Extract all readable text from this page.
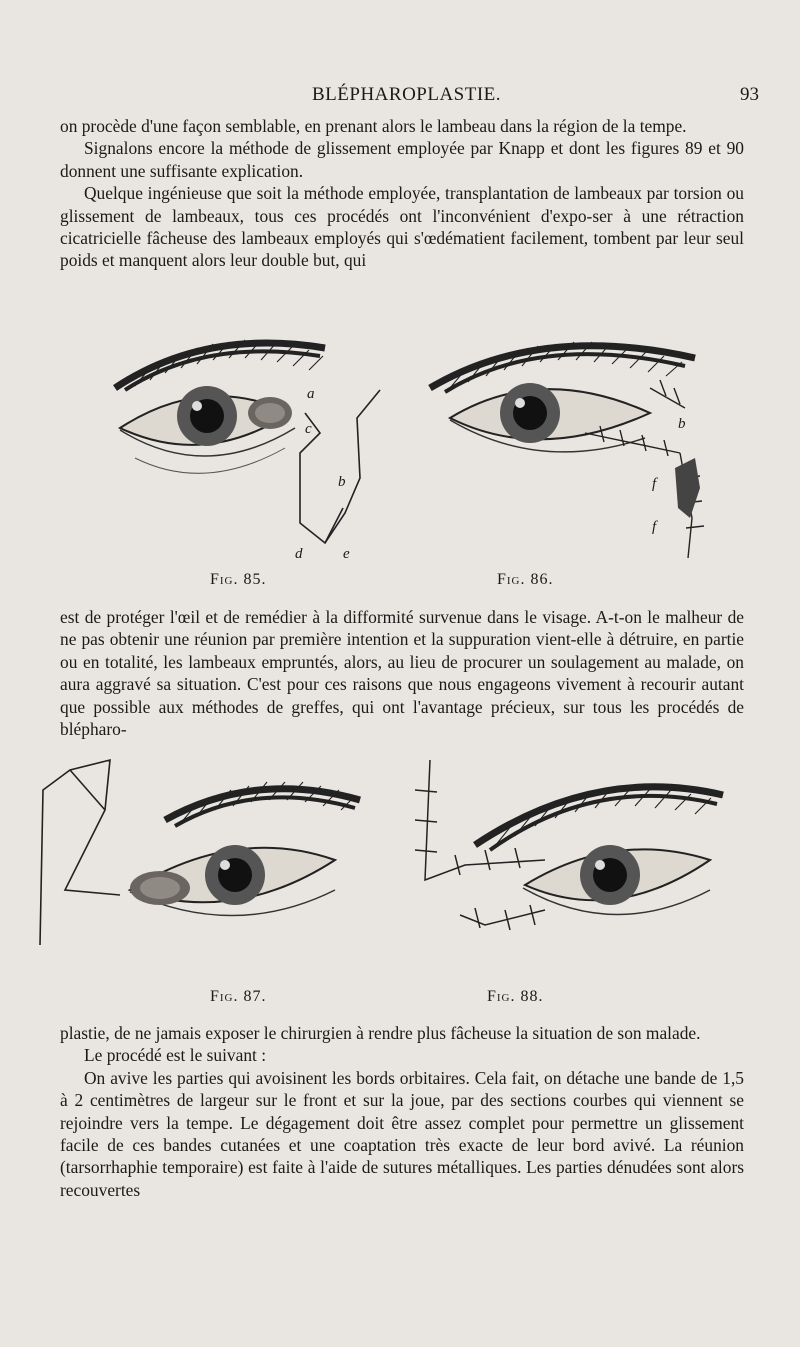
BLÉPHAROPLASTIE.	93

on procède d'une façon semblable, en prenant alors le lambeau dans la région de la tempe.

Signalons encore la méthode de glissement employée par Knapp et dont les figures 89 et 90 donnent une suffisante explication.

Quelque ingénieuse que soit la méthode employée, transplantation de lambeaux par torsion ou glissement de lambeaux, tous ces procédés ont l'inconvénient d'expo-ser à une rétraction cicatricielle fâcheuse des lambeaux employés qui s'œdématient facilement, tombent par leur seul poids et manquent alors leur double but, qui

a
c
b
d	e
Fig. 85.
b
f
f
Fig. 86.

est de protéger l'œil et de remédier à la difformité survenue dans le visage. A-t-on le malheur de ne pas obtenir une réunion par première intention et la suppuration vient-elle à détruire, en partie ou en totalité, les lambeaux empruntés, alors, au lieu de procurer un soulagement au malade, on aura aggravé sa situation. C'est pour ces raisons que nous engageons vivement à recourir autant que possible aux méthodes de greffes, qui ont l'avantage précieux, sur tous les procédés de blépharo-

Fig. 87.	Fig. 88.

plastie, de ne jamais exposer le chirurgien à rendre plus fâcheuse la situation de son malade.

Le procédé est le suivant :

On avive les parties qui avoisinent les bords orbitaires. Cela fait, on détache une bande de 1,5 à 2 centimètres de largeur sur le front et sur la joue, par des sections courbes qui viennent se rejoindre vers la tempe. Le dégagement doit être assez complet pour permettre un glissement facile de ces bandes cutanées et une coaptation très exacte de leur bord avivé. La réunion (tarsorrhaphie temporaire) est faite à l'aide de sutures métalliques. Les parties dénudées sont alors recouvertes
